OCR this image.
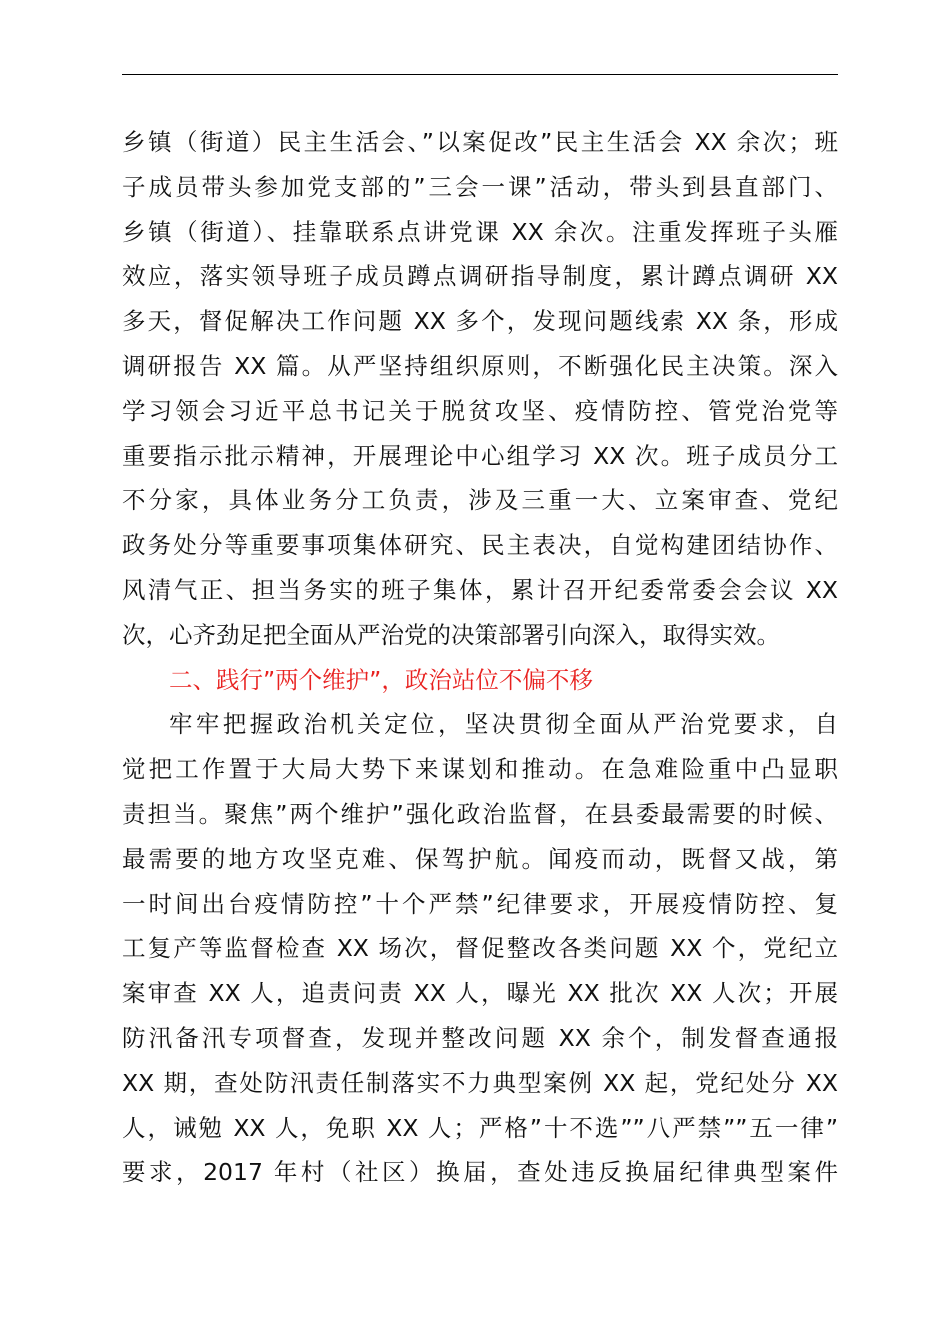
乡镇（街道）民主生活会、”以案促改”民主生活会 XX 余次；班
子成员带头参加党支部的”三会一课”活动，带头到县直部门、
乡镇（街道）、挂靠联系点讲党课 XX 余次。注重发挥班子头雁
效应，落实领导班子成员蹲点调研指导制度，累计蹲点调研 XX
多天，督促解决工作问题 XX 多个，发现问题线索 XX 条，形成
调研报告 XX 篇。从严坚持组织原则，不断强化民主决策。深入
学习领会习近平总书记关于脱贫攻坚、疫情防控、管党治党等
重要指示批示精神，开展理论中心组学习 XX 次。班子成员分工
不分家，具体业务分工负责，涉及三重一大、立案审查、党纪
政务处分等重要事项集体研究、民主表决，自觉构建团结协作、
风清气正、担当务实的班子集体，累计召开纪委常委会会议 XX
次，心齐劲足把全面从严治党的决策部署引向深入，取得实效。
二、践行”两个维护”，政治站位不偏不移
牢牢把握政治机关定位，坚决贯彻全面从严治党要求，自
觉把工作置于大局大势下来谋划和推动。在急难险重中凸显职
责担当。聚焦”两个维护”强化政治监督，在县委最需要的时候、
最需要的地方攻坚克难、保驾护航。闻疫而动，既督又战，第
一时间出台疫情防控”十个严禁”纪律要求，开展疫情防控、复
工复产等监督检查 XX 场次，督促整改各类问题 XX 个，党纪立
案审查 XX 人，追责问责 XX 人，曝光 XX 批次 XX 人次；开展
防汛备汛专项督查，发现并整改问题 XX 余个，制发督查通报
XX 期，查处防汛责任制落实不力典型案例 XX 起，党纪处分 XX
人，诫勉 XX 人，免职 XX 人；严格”十不选””八严禁””五一律”
要求，2017 年村（社区）换届，查处违反换届纪律典型案件
